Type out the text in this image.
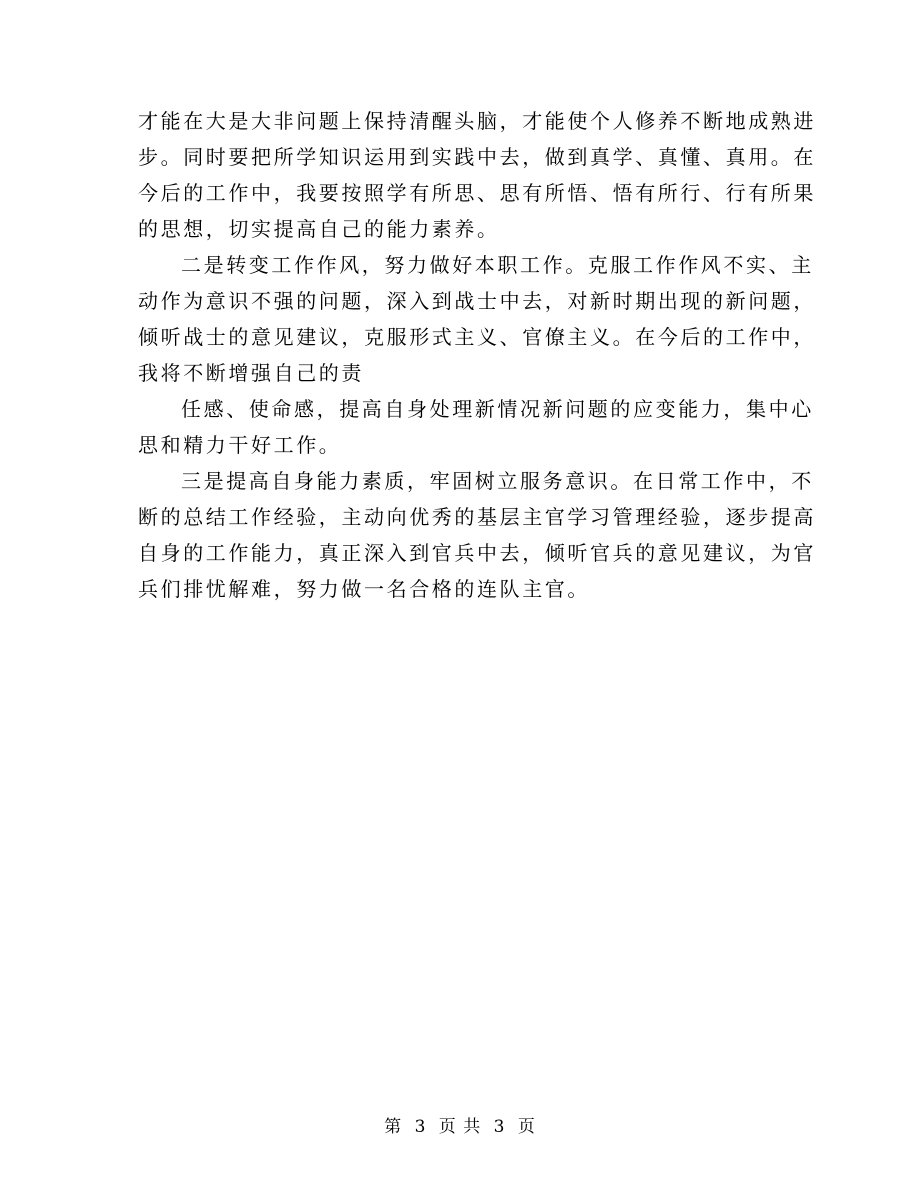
才能在大是大非问题上保持清醒头脑，才能使个人修养不断地成熟进
步。同时要把所学知识运用到实践中去，做到真学、真懂、真用。在
今后的工作中，我要按照学有所思、思有所悟、悟有所行、行有所果
的思想，切实提高自己的能力素养。
二是转变工作作风，努力做好本职工作。克服工作作风不实、主
动作为意识不强的问题，深入到战士中去，对新时期出现的新问题，
倾听战士的意见建议，克服形式主义、官僚主义。在今后的工作中，
我将不断增强自己的责
任感、使命感，提高自身处理新情况新问题的应变能力，集中心
思和精力干好工作。
三是提高自身能力素质，牢固树立服务意识。在日常工作中，不
断的总结工作经验，主动向优秀的基层主官学习管理经验，逐步提高
自身的工作能力，真正深入到官兵中去，倾听官兵的意见建议，为官
兵们排忧解难，努力做一名合格的连队主官。
第 3 页 共 3 页
